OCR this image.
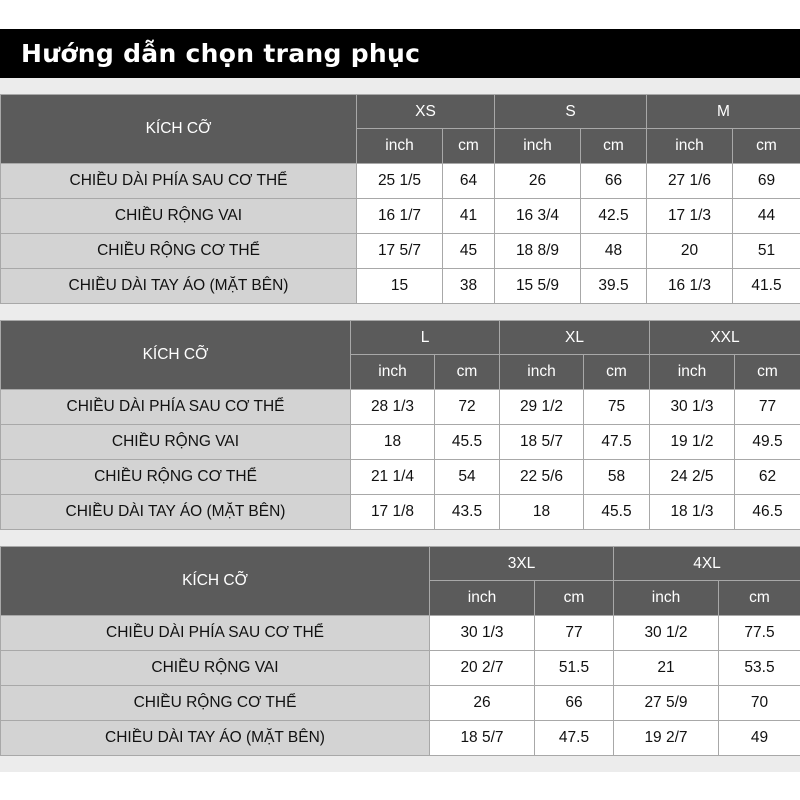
Hướng dẫn chọn trang phục
KÍCH CỠ	XS		S		M	
	inch	cm	inch	cm	inch	cm
CHIỀU DÀI PHÍA SAU CƠ THỂ	25 1/5	64	26	66	27 1/6	69
CHIỀU RỘNG VAI	16 1/7	41	16 3/4	42.5	17 1/3	44
CHIỀU RỘNG CƠ THỂ	17 5/7	45	18 8/9	48	20	51
CHIỀU DÀI TAY ÁO (MẶT BÊN)	15	38	15 5/9	39.5	16 1/3	41.5
KÍCH CỠ	L		XL		XXL	
	inch	cm	inch	cm	inch	cm
CHIỀU DÀI PHÍA SAU CƠ THỂ	28 1/3	72	29 1/2	75	30 1/3	77
CHIỀU RỘNG VAI	18	45.5	18 5/7	47.5	19 1/2	49.5
CHIỀU RỘNG CƠ THỂ	21 1/4	54	22 5/6	58	24 2/5	62
CHIỀU DÀI TAY ÁO (MẶT BÊN)	17 1/8	43.5	18	45.5	18 1/3	46.5
KÍCH CỠ	3XL		4XL	
	inch	cm	inch	cm
CHIỀU DÀI PHÍA SAU CƠ THỂ	30 1/3	77	30 1/2	77.5
CHIỀU RỘNG VAI	20 2/7	51.5	21	53.5
CHIỀU RỘNG CƠ THỂ	26	66	27 5/9	70
CHIỀU DÀI TAY ÁO (MẶT BÊN)	18 5/7	47.5	19 2/7	49
